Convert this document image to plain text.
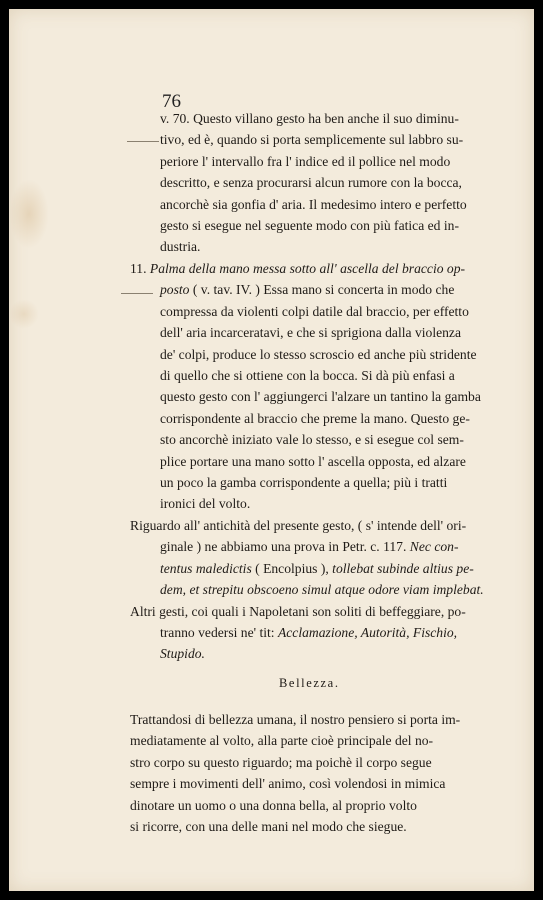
76
v. 70. Questo villano gesto ha ben anche il suo diminu-
tivo, ed è, quando si porta semplicemente sul labbro su-
periore l' intervallo fra l' indice ed il pollice nel modo
descritto, e senza procurarsi alcun rumore con la bocca,
ancorchè sia gonfia d' aria. Il medesimo intero e perfetto
gesto si esegue nel seguente modo con più fatica ed in-
dustria.
11. Palma della mano messa sotto all' ascella del braccio op-
posto ( v. tav. IV. ) Essa mano si concerta in modo che
compressa da violenti colpi datile dal braccio, per effetto
dell' aria incarceratavi, e che si sprigiona dalla violenza
de' colpi, produce lo stesso scroscio ed anche più stridente
di quello che si ottiene con la bocca. Si dà più enfasi a
questo gesto con l' aggiungerci l'alzare un tantino la gamba
corrispondente al braccio che preme la mano. Questo ge-
sto ancorchè iniziato vale lo stesso, e si esegue col sem-
plice portare una mano sotto l' ascella opposta, ed alzare
un poco la gamba corrispondente a quella; più i tratti
ironici del volto.
Riguardo all' antichità del presente gesto, ( s' intende dell' ori-
ginale ) ne abbiamo una prova in Petr. c. 117. Nec con-
tentus maledictis ( Encolpius ), tollebat subinde altius pe-
dem, et strepitu obscoeno simul atque odore viam implebat.
Altri gesti, coi quali i Napoletani son soliti di beffeggiare, po-
tranno vedersi ne' tit: Acclamazione, Autorità, Fischio,
Stupido.
Bellezza.
Trattandosi di bellezza umana, il nostro pensiero si porta im-
mediatamente al volto, alla parte cioè principale del no-
stro corpo su questo riguardo; ma poichè il corpo segue
sempre i movimenti dell' animo, così volendosi in mimica
dinotare un uomo o una donna bella, al proprio volto
si ricorre, con una delle mani nel modo che siegue.
